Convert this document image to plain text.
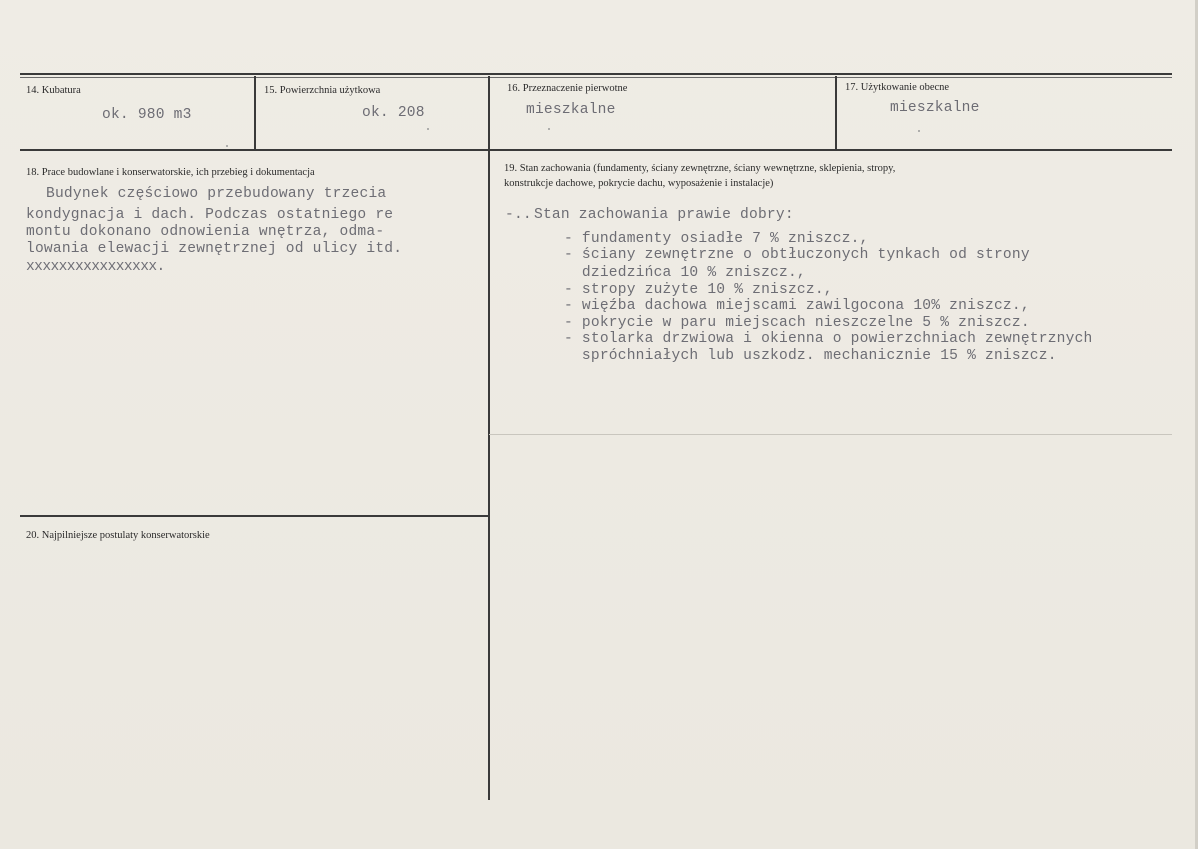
14. Kubatura
ok. 980 m3
15. Powierzchnia użytkowa
ok. 208
16. Przeznaczenie pierwotne
mieszkalne
17. Użytkowanie obecne
mieszkalne
18. Prace budowlane i konserwatorskie, ich przebieg i dokumentacja
Budynek częściowo przebudowany trzecia
kondygnacja i dach. Podczas ostatniego re
montu dokonano odnowienia wnętrza, odma-
lowania elewacji zewnętrznej od ulicy itd.
xxxxxxxxxxxxxxxx.
19. Stan zachowania (fundamenty, ściany zewnętrzne, ściany wewnętrzne, sklepienia, stropy,
konstrukcje dachowe, pokrycie dachu, wyposażenie i instalacje)
-.. Stan zachowania prawie dobry:
- fundamenty osiadłe 7 % zniszcz.,
- ściany zewnętrzne o obtłuczonych tynkach od strony
dziedzińca 10 % zniszcz.,
- stropy zużyte 10 % zniszcz.,
- więźba dachowa miejscami zawilgocona 10% zniszcz.,
- pokrycie w paru miejscach nieszczelne 5 % zniszcz.
- stolarka drzwiowa i okienna o powierzchniach zewnętrznych
spróchniałych lub uszkodz. mechanicznie 15 % zniszcz.
20. Najpilniejsze postulaty konserwatorskie
